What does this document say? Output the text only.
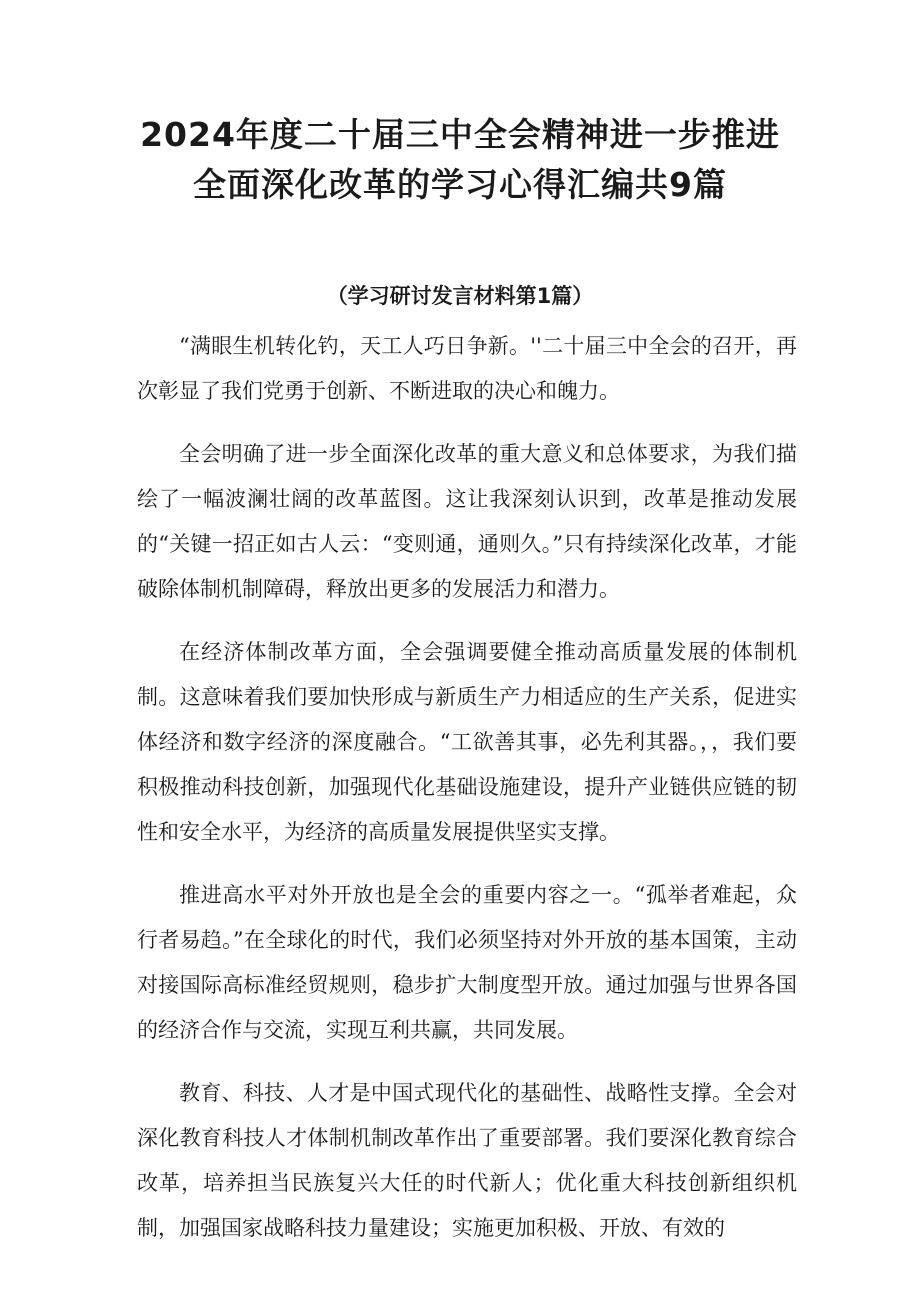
2024年度二十届三中全会精神进一步推进
全面深化改革的学习心得汇编共9篇
（学习研讨发言材料第1篇）

“满眼生机转化钓，天工人巧日争新。''二十届三中全会的召开，再次彰显了我们党勇于创新、不断进取的决心和魄力。

全会明确了进一步全面深化改革的重大意义和总体要求，为我们描绘了一幅波澜壮阔的改革蓝图。这让我深刻认识到，改革是推动发展的“关键一招正如古人云：“变则通，通则久。”只有持续深化改革，才能破除体制机制障碍，释放出更多的发展活力和潜力。

在经济体制改革方面，全会强调要健全推动高质量发展的体制机制。这意味着我们要加快形成与新质生产力相适应的生产关系，促进实体经济和数字经济的深度融合。“工欲善其事，必先利其器。，，我们要积极推动科技创新，加强现代化基础设施建设，提升产业链供应链的韧性和安全水平，为经济的高质量发展提供坚实支撑。

推进高水平对外开放也是全会的重要内容之一。“孤举者难起，众行者易趋。”在全球化的时代，我们必须坚持对外开放的基本国策，主动对接国际高标准经贸规则，稳步扩大制度型开放。通过加强与世界各国的经济合作与交流，实现互利共赢，共同发展。

教育、科技、人才是中国式现代化的基础性、战略性支撑。全会对深化教育科技人才体制机制改革作出了重要部署。我们要深化教育综合改革，培养担当民族复兴大任的时代新人；优化重大科技创新组织机制，加强国家战略科技力量建设；实施更加积极、开放、有效的
